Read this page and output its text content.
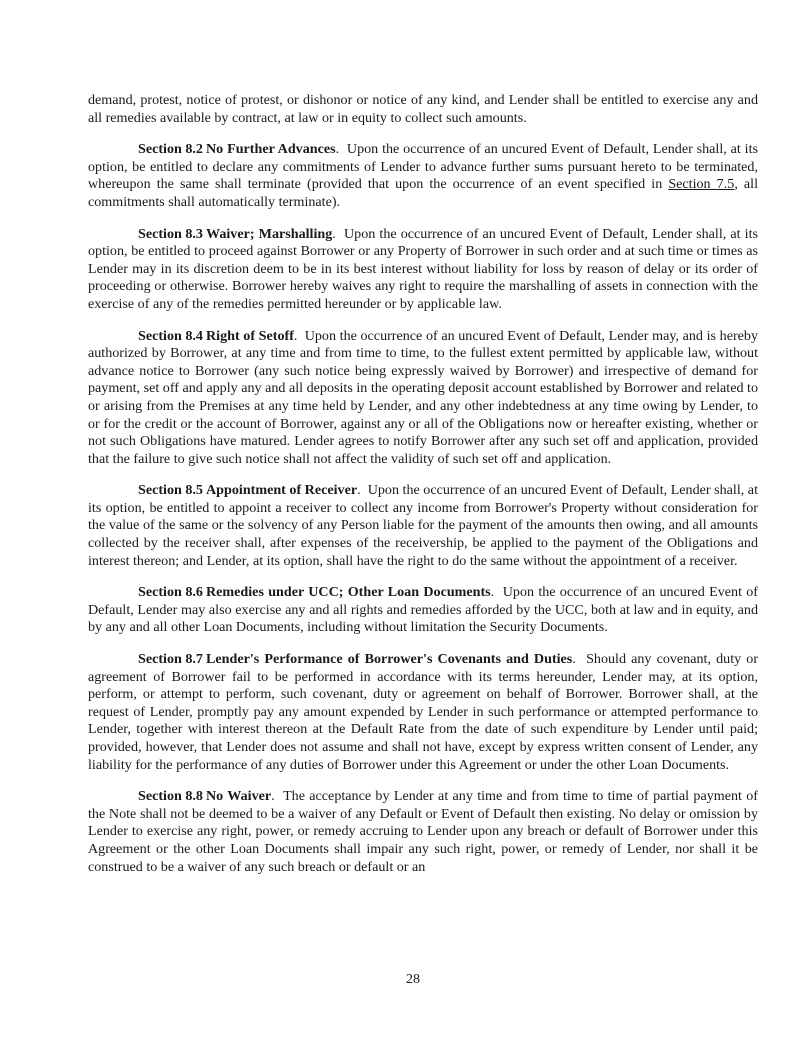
demand, protest, notice of protest, or dishonor or notice of any kind, and Lender shall be entitled to exercise any and all remedies available by contract, at law or in equity to collect such amounts.

Section 8.2 No Further Advances.  Upon the occurrence of an uncured Event of Default, Lender shall, at its option, be entitled to declare any commitments of Lender to advance further sums pursuant hereto to be terminated, whereupon the same shall terminate (provided that upon the occurrence of an event specified in Section 7.5, all commitments shall automatically terminate).

Section 8.3 Waiver; Marshalling.  Upon the occurrence of an uncured Event of Default, Lender shall, at its option, be entitled to proceed against Borrower or any Property of Borrower in such order and at such time or times as Lender may in its discretion deem to be in its best interest without liability for loss by reason of delay or its order of proceeding or otherwise. Borrower hereby waives any right to require the marshalling of assets in connection with the exercise of any of the remedies permitted hereunder or by applicable law.

Section 8.4 Right of Setoff.  Upon the occurrence of an uncured Event of Default, Lender may, and is hereby authorized by Borrower, at any time and from time to time, to the fullest extent permitted by applicable law, without advance notice to Borrower (any such notice being expressly waived by Borrower) and irrespective of demand for payment, set off and apply any and all deposits in the operating deposit account established by Borrower and related to or arising from the Premises at any time held by Lender, and any other indebtedness at any time owing by Lender, to or for the credit or the account of Borrower, against any or all of the Obligations now or hereafter existing, whether or not such Obligations have matured. Lender agrees to notify Borrower after any such set off and application, provided that the failure to give such notice shall not affect the validity of such set off and application.

Section 8.5 Appointment of Receiver.  Upon the occurrence of an uncured Event of Default, Lender shall, at its option, be entitled to appoint a receiver to collect any income from Borrower's Property without consideration for the value of the same or the solvency of any Person liable for the payment of the amounts then owing, and all amounts collected by the receiver shall, after expenses of the receivership, be applied to the payment of the Obligations and interest thereon; and Lender, at its option, shall have the right to do the same without the appointment of a receiver.

Section 8.6 Remedies under UCC; Other Loan Documents.  Upon the occurrence of an uncured Event of Default, Lender may also exercise any and all rights and remedies afforded by the UCC, both at law and in equity, and by any and all other Loan Documents, including without limitation the Security Documents.

Section 8.7 Lender's Performance of Borrower's Covenants and Duties.  Should any covenant, duty or agreement of Borrower fail to be performed in accordance with its terms hereunder, Lender may, at its option, perform, or attempt to perform, such covenant, duty or agreement on behalf of Borrower. Borrower shall, at the request of Lender, promptly pay any amount expended by Lender in such performance or attempted performance to Lender, together with interest thereon at the Default Rate from the date of such expenditure by Lender until paid; provided, however, that Lender does not assume and shall not have, except by express written consent of Lender, any liability for the performance of any duties of Borrower under this Agreement or under the other Loan Documents.

Section 8.8 No Waiver.  The acceptance by Lender at any time and from time to time of partial payment of the Note shall not be deemed to be a waiver of any Default or Event of Default then existing. No delay or omission by Lender to exercise any right, power, or remedy accruing to Lender upon any breach or default of Borrower under this Agreement or the other Loan Documents shall impair any such right, power, or remedy of Lender, nor shall it be construed to be a waiver of any such breach or default or an

28
